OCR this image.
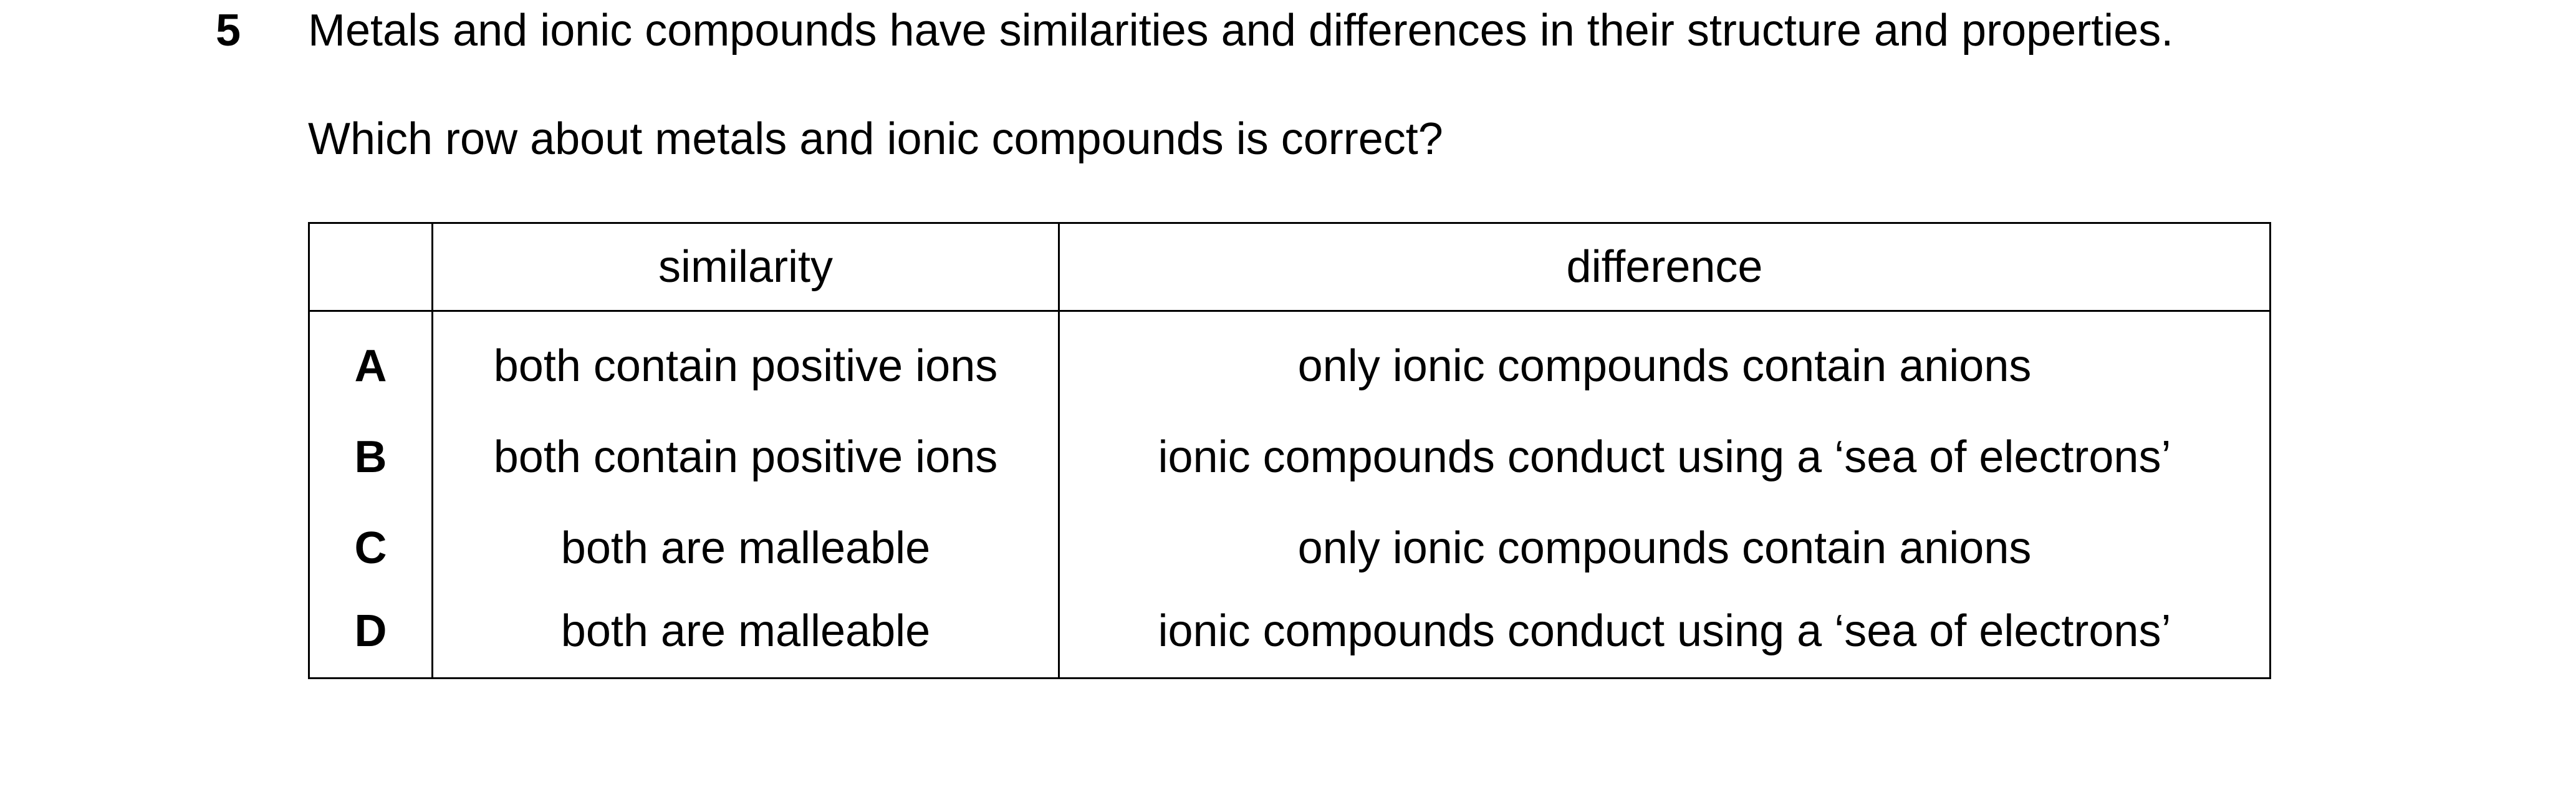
5 Metals and ionic compounds have similarities and differences in their structure and properties.
Which row about metals and ionic compounds is correct?
	similarity	difference
A	both contain positive ions	only ionic compounds contain anions
B	both contain positive ions	ionic compounds conduct using a ‘sea of electrons’
C	both are malleable	only ionic compounds contain anions
D	both are malleable	ionic compounds conduct using a ‘sea of electrons’
